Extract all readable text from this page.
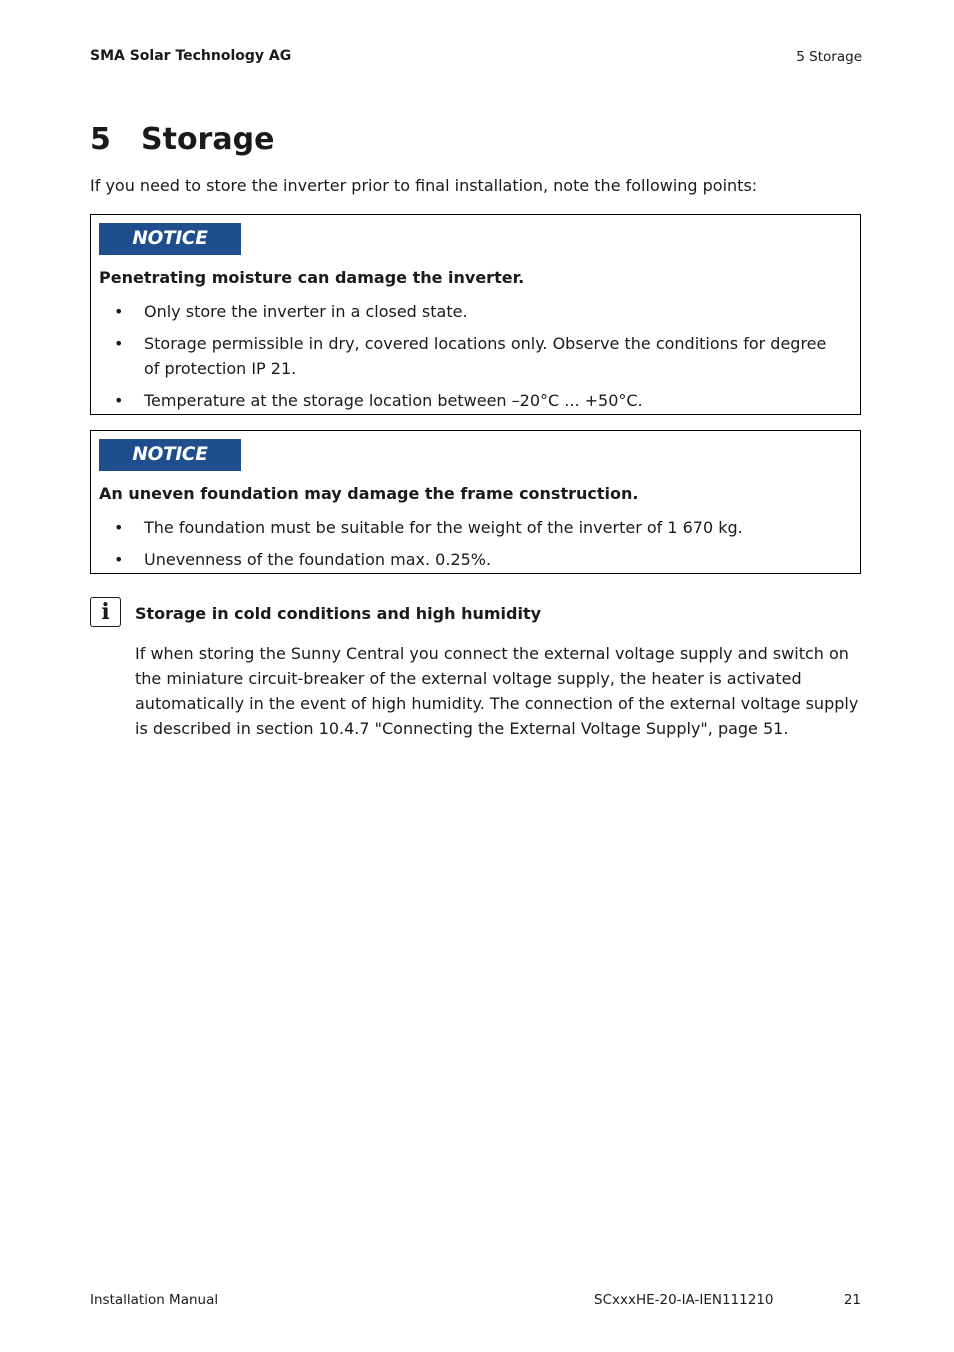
SMA Solar Technology AG	5 Storage
5 Storage

If you need to store the inverter prior to final installation, note the following points:

NOTICE

Penetrating moisture can damage the inverter.

• Only store the inverter in a closed state.
• Storage permissible in dry, covered locations only. Observe the conditions for degree of protection IP 21.
• Temperature at the storage location between –20°C ... +50°C.
NOTICE

An uneven foundation may damage the frame construction.

• The foundation must be suitable for the weight of the inverter of 1 670 kg.
• Unevenness of the foundation max. 0.25%.
i	Storage in cold conditions and high humidity

If when storing the Sunny Central you connect the external voltage supply and switch on the miniature circuit-breaker of the external voltage supply, the heater is activated automatically in the event of high humidity. The connection of the external voltage supply is described in section 10.4.7 "Connecting the External Voltage Supply", page 51.

Installation Manual	SCxxxHE-20-IA-IEN111210	21
